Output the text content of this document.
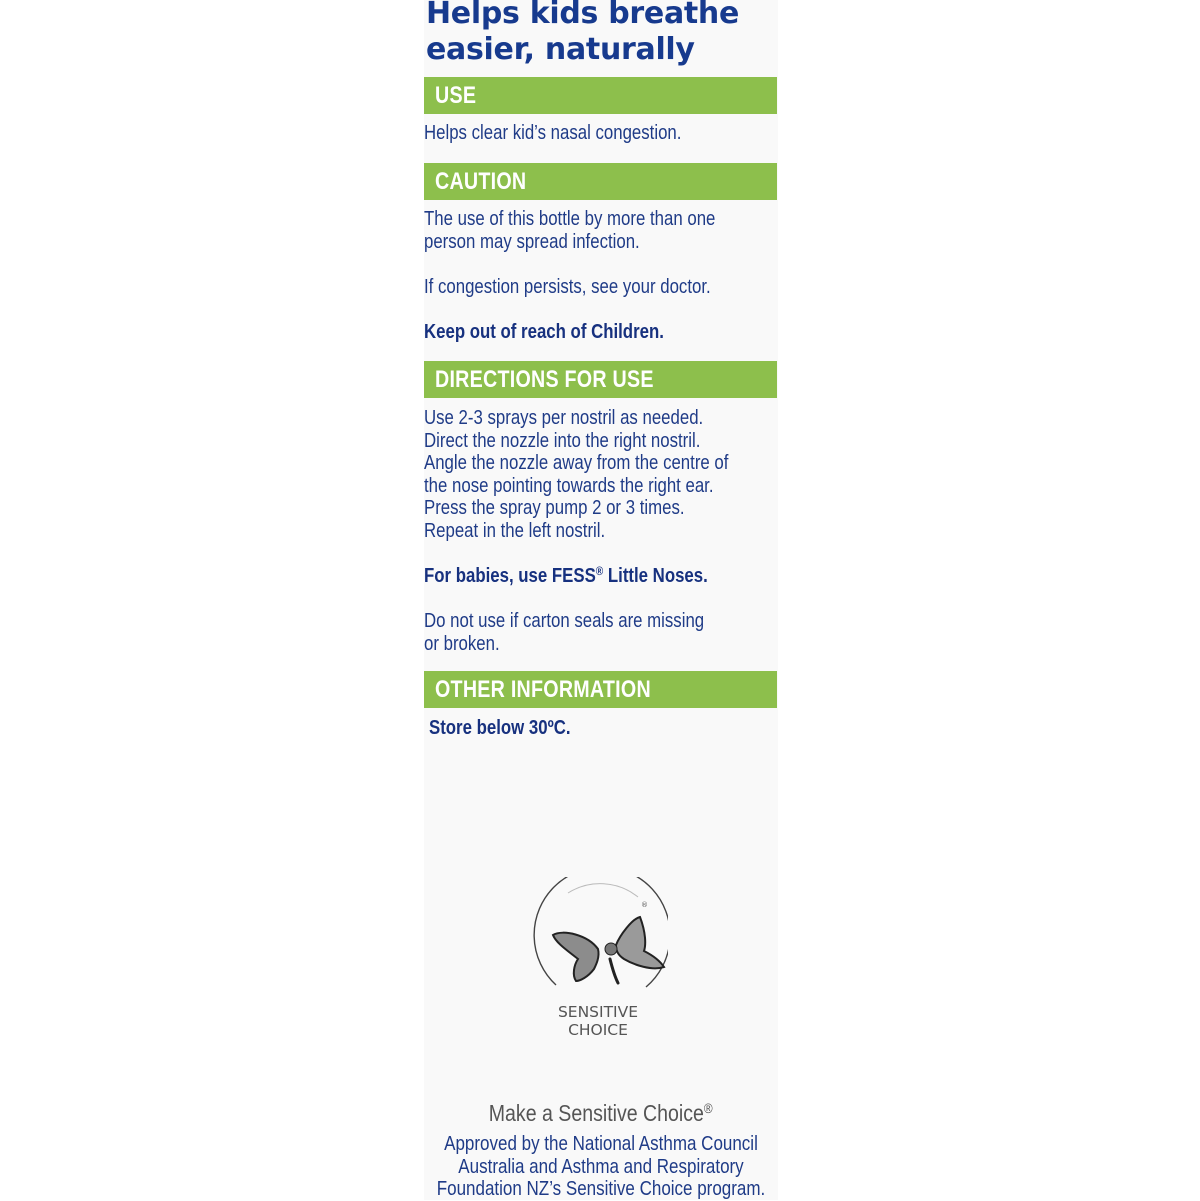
Helps kids breathe
easier, naturally
USE
Helps clear kid’s nasal congestion.
CAUTION
The use of this bottle by more than one
person may spread infection.
If congestion persists, see your doctor.
Keep out of reach of Children.
DIRECTIONS FOR USE
Use 2-3 sprays per nostril as needed.
Direct the nozzle into the right nostril.
Angle the nozzle away from the centre of
the nose pointing towards the right ear.
Press the spray pump 2 or 3 times.
Repeat in the left nostril.
For babies, use FESS® Little Noses.
Do not use if carton seals are missing
or broken.
OTHER INFORMATION
Store below 30ºC.
®
SENSITIVE
CHOICE
Make a Sensitive Choice®
Approved by the National Asthma Council
Australia and Asthma and Respiratory
Foundation NZ’s Sensitive Choice program.
